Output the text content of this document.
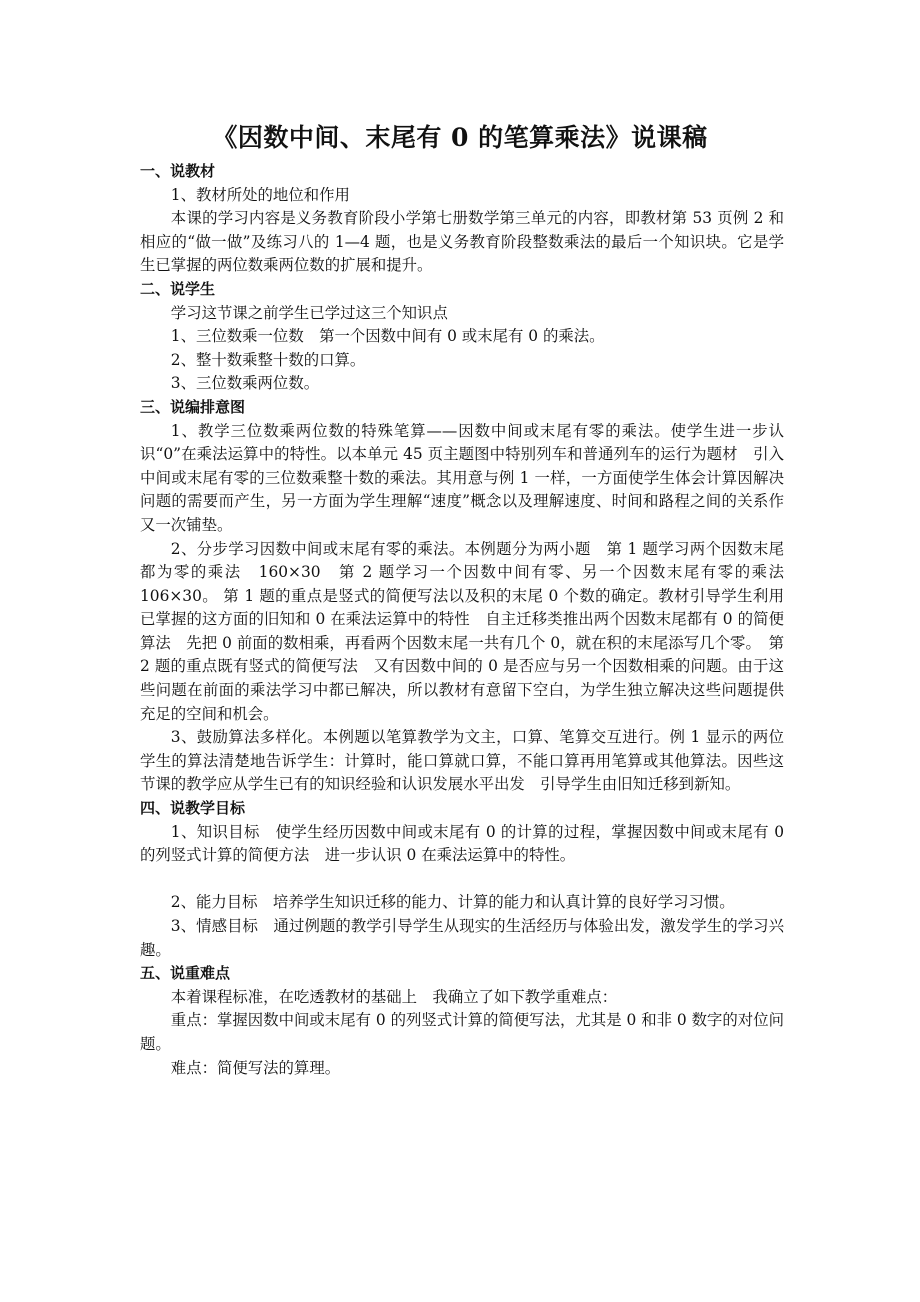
《因数中间、末尾有 0 的笔算乘法》说课稿
一、说教材
1、教材所处的地位和作用
本课的学习内容是义务教育阶段小学第七册数学第三单元的内容，即教材第 53 页例 2 和相应的“做一做”及练习八的 1—4 题，也是义务教育阶段整数乘法的最后一个知识块。它是学生已掌握的两位数乘两位数的扩展和提升。
二、说学生
学习这节课之前学生已学过这三个知识点
1、三位数乘一位数　第一个因数中间有 0 或末尾有 0 的乘法。
2、整十数乘整十数的口算。
3、三位数乘两位数。
三、说编排意图
1、教学三位数乘两位数的特殊笔算——因数中间或末尾有零的乘法。使学生进一步认识“0”在乘法运算中的特性。以本单元 45 页主题图中特别列车和普通列车的运行为题材　引入中间或末尾有零的三位数乘整十数的乘法。其用意与例 1 一样，一方面使学生体会计算因解决问题的需要而产生，另一方面为学生理解“速度”概念以及理解速度、时间和路程之间的关系作又一次铺垫。
2、分步学习因数中间或末尾有零的乘法。本例题分为两小题　第 1 题学习两个因数末尾都为零的乘法　160×30　第 2 题学习一个因数中间有零、另一个因数末尾有零的乘法　106×30。 第 1 题的重点是竖式的简便写法以及积的末尾 0 个数的确定。教材引导学生利用已掌握的这方面的旧知和 0 在乘法运算中的特性　自主迁移类推出两个因数末尾都有 0 的简便算法　先把 0 前面的数相乘，再看两个因数末尾一共有几个 0，就在积的末尾添写几个零。　第 2 题的重点既有竖式的简便写法　又有因数中间的 0 是否应与另一个因数相乘的问题。由于这些问题在前面的乘法学习中都已解决，所以教材有意留下空白，为学生独立解决这些问题提供充足的空间和机会。
3、鼓励算法多样化。本例题以笔算教学为文主，口算、笔算交互进行。例 1 显示的两位学生的算法清楚地告诉学生：计算时，能口算就口算，不能口算再用笔算或其他算法。因些这节课的教学应从学生已有的知识经验和认识发展水平出发　引导学生由旧知迁移到新知。
四、说教学目标
1、知识目标　使学生经历因数中间或末尾有 0 的计算的过程，掌握因数中间或末尾有 0 的列竖式计算的简便方法　进一步认识 0 在乘法运算中的特性。
2、能力目标　培养学生知识迁移的能力、计算的能力和认真计算的良好学习习惯。
3、情感目标　通过例题的教学引导学生从现实的生活经历与体验出发，激发学生的学习兴趣。
五、说重难点
本着课程标准，在吃透教材的基础上　我确立了如下教学重难点：
重点：掌握因数中间或末尾有 0 的列竖式计算的简便写法，尤其是 0 和非 0 数字的对位问题。
难点：简便写法的算理。
